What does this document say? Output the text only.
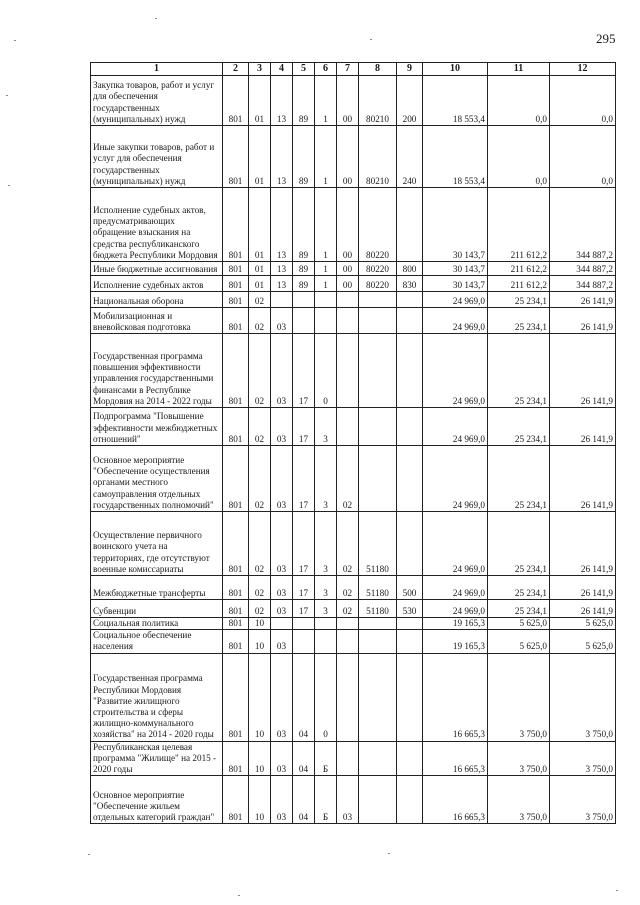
295
1	2	3	4	5	6	7	8	9	10	11	12
Закупка товаров, работ и услуг для обеспечения государственных (муниципальных) нужд	801	01	13	89	1	00	80210	200	18 553,4	0,0	0,0
Иные закупки товаров, работ и услуг для обеспечения государственных (муниципальных) нужд	801	01	13	89	1	00	80210	240	18 553,4	0,0	0,0
Исполнение судебных актов, предусматривающих обращение взыскания на средства республиканского бюджета Республики Мордовия	801	01	13	89	1	00	80220		30 143,7	211 612,2	344 887,2
Иные бюджетные ассигнования	801	01	13	89	1	00	80220	800	30 143,7	211 612,2	344 887,2
Исполнение судебных актов	801	01	13	89	1	00	80220	830	30 143,7	211 612,2	344 887,2
Национальная оборона	801	02							24 969,0	25 234,1	26 141,9
Мобилизационная и вневойсковая подготовка	801	02	03						24 969,0	25 234,1	26 141,9
Государственная программа повышения эффективности управления государственными финансами в Республике Мордовия на 2014 - 2022 годы	801	02	03	17	0				24 969,0	25 234,1	26 141,9
Подпрограмма "Повышение эффективности межбюджетных отношений"	801	02	03	17	3				24 969,0	25 234,1	26 141,9
Основное мероприятие "Обеспечение осуществления органами местного самоуправления отдельных государственных полномочий"	801	02	03	17	3	02			24 969,0	25 234,1	26 141,9
Осуществление первичного воинского учета на территориях, где отсутствуют военные комиссариаты	801	02	03	17	3	02	51180		24 969,0	25 234,1	26 141,9
Межбюджетные трансферты	801	02	03	17	3	02	51180	500	24 969,0	25 234,1	26 141,9
Субвенции	801	02	03	17	3	02	51180	530	24 969,0	25 234,1	26 141,9
Социальная политика	801	10							19 165,3	5 625,0	5 625,0
Социальное обеспечение населения	801	10	03						19 165,3	5 625,0	5 625,0
Государственная программа Республики Мордовия "Развитие жилищного строительства и сферы жилищно-коммунального хозяйства" на 2014 - 2020 годы	801	10	03	04	0				16 665,3	3 750,0	3 750,0
Республиканская целевая программа "Жилище" на 2015 - 2020 годы	801	10	03	04	Б				16 665,3	3 750,0	3 750,0
Основное мероприятие "Обеспечение жильем отдельных категорий граждан"	801	10	03	04	Б	03			16 665,3	3 750,0	3 750,0
